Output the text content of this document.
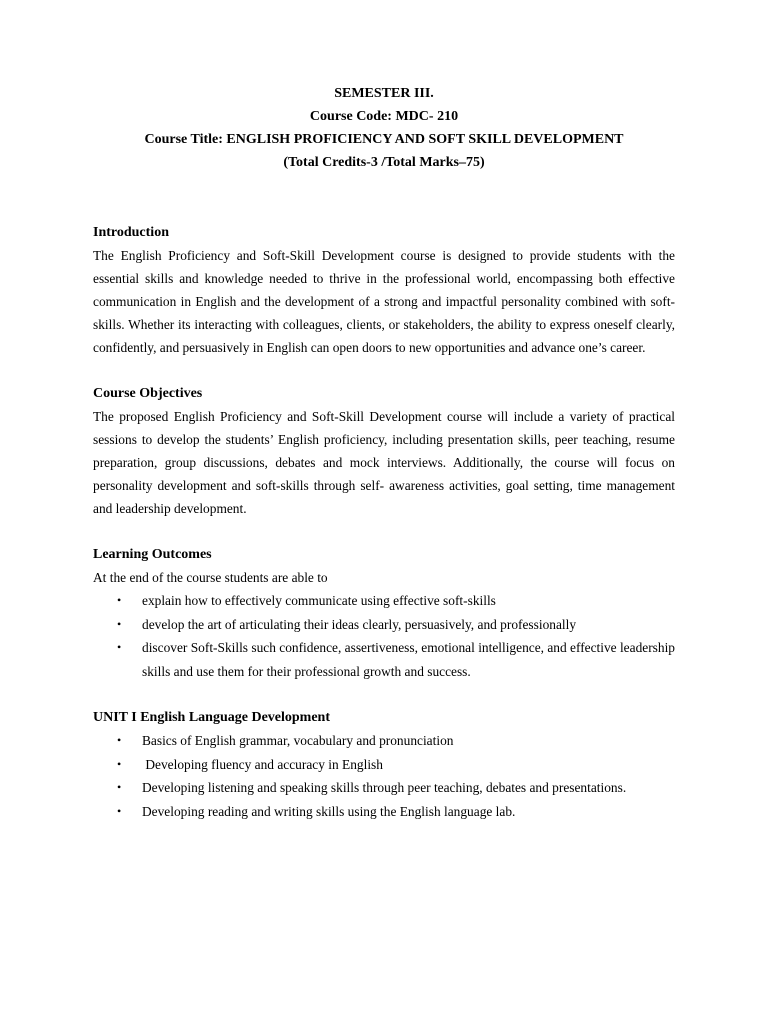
SEMESTER III.
Course Code: MDC- 210
Course Title: ENGLISH PROFICIENCY AND SOFT SKILL DEVELOPMENT
(Total Credits-3 /Total Marks–75)
Introduction
The English Proficiency and Soft-Skill Development course is designed to provide students with the essential skills and knowledge needed to thrive in the professional world, encompassing both effective communication in English and the development of a strong and impactful personality combined with soft-skills. Whether its interacting with colleagues, clients, or stakeholders, the ability to express oneself clearly, confidently, and persuasively in English can open doors to new opportunities and advance one’s career.
Course Objectives
The proposed English Proficiency and Soft-Skill Development course will include a variety of practical sessions to develop the students’ English proficiency, including presentation skills, peer teaching, resume preparation, group discussions, debates and mock interviews. Additionally, the course will focus on personality development and soft-skills through self- awareness activities, goal setting, time management and leadership development.
Learning Outcomes
At the end of the course students are able to
• explain how to effectively communicate using effective soft-skills
• develop the art of articulating their ideas clearly, persuasively, and professionally
• discover Soft-Skills such confidence, assertiveness, emotional intelligence, and effective leadership skills and use them for their professional growth and success.
UNIT I English Language Development
• Basics of English grammar, vocabulary and pronunciation
• Developing fluency and accuracy in English
• Developing listening and speaking skills through peer teaching, debates and presentations.
• Developing reading and writing skills using the English language lab.
